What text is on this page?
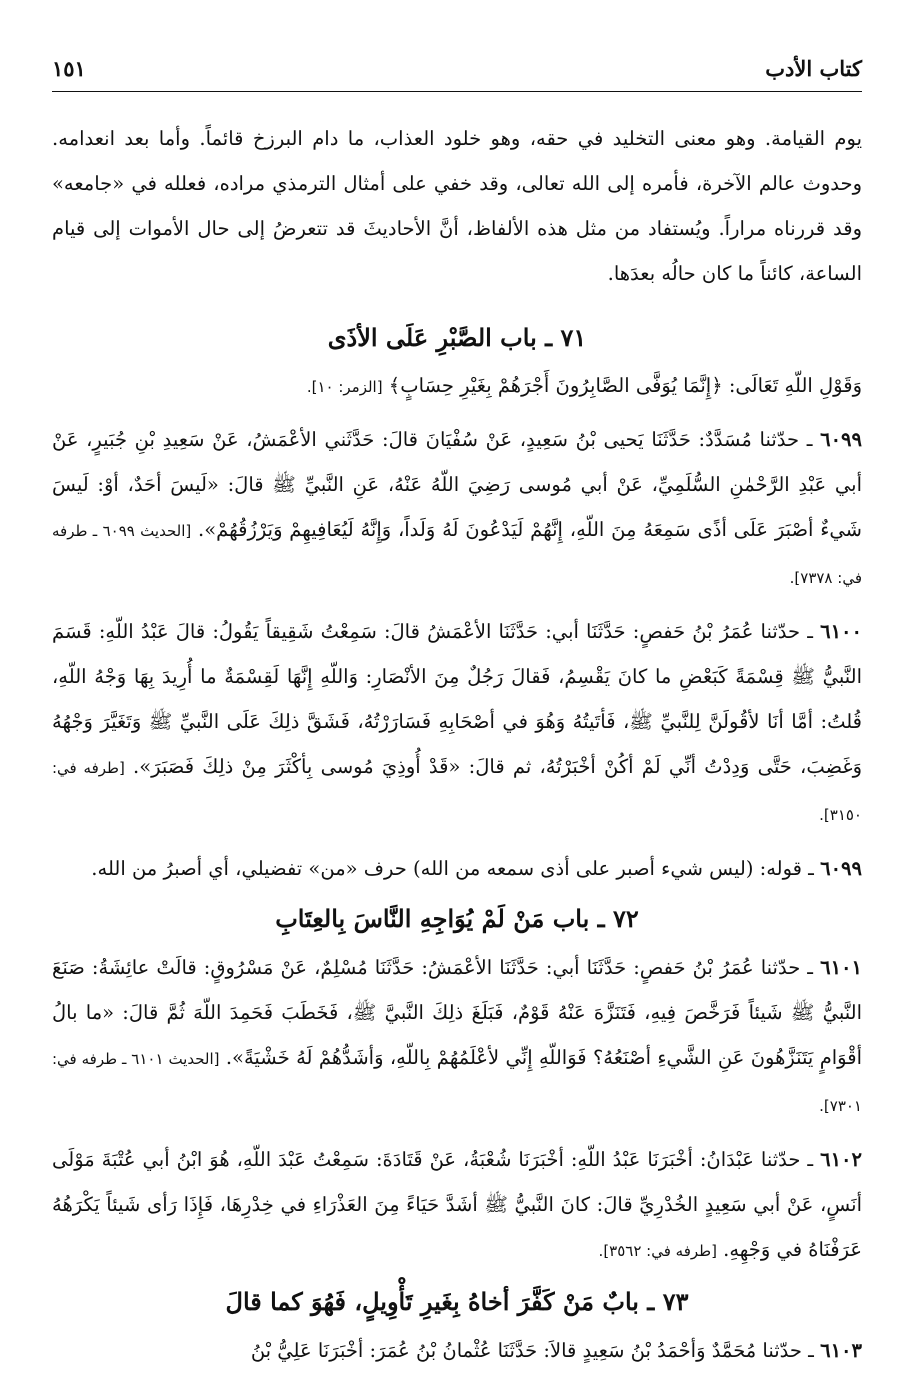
كتاب الأدب
١٥١

يوم القيامة. وهو معنى التخليد في حقه، وهو خلود العذاب، ما دام البرزخ قائماً. وأما بعد انعدامه. وحدوث عالم الآخرة، فأمره إلى الله تعالى، وقد خفي على أمثال الترمذي مراده، فعلله في «جامعه» وقد قررناه مراراً. ويُستفاد من مثل هذه الألفاظ، أنَّ الأحاديثَ قد تتعرضُ إلى حال الأموات إلى قيام الساعة، كائناً ما كان حالُه بعدَها.

٧١ ـ باب الصَّبْرِ عَلَى الأذَى

وَقَوْلِ اللّهِ تَعَالَى: ﴿إِنَّمَا يُوَفَّى الصَّابِرُونَ أَجْرَهُمْ بِغَيْرِ حِسَابٍ﴾ [الزمر: ١٠].

٦٠٩٩ ـ حدّثنا مُسَدَّدٌ: حَدَّثَنَا يَحيى بْنُ سَعِيدٍ، عَنْ سُفْيَانَ قالَ: حَدَّثَني الأعْمَشُ، عَنْ سَعِيدِ بْنِ جُبَيرٍ، عَنْ أبي عَبْدِ الرَّحْمٰنِ السُّلَمِيِّ، عَنْ أبي مُوسى رَضِيَ اللّهُ عَنْهُ، عَنِ النَّبيِّ ﷺ قالَ: «لَيسَ أحَدٌ، أوْ: لَيسَ شَيءٌ أصْبَرَ عَلَى أذًى سَمِعَهُ مِنَ اللّهِ، إِنَّهُمْ لَيَدْعُونَ لَهُ وَلَداً، وَإِنَّهُ لَيُعَافِيهِمْ وَيَرْزُقُهُمْ». [الحديث ٦٠٩٩ ـ طرفه في: ٧٣٧٨].

٦١٠٠ ـ حدّثنا عُمَرُ بْنُ حَفصٍ: حَدَّثَنَا أبي: حَدَّثَنَا الأعْمَشُ قالَ: سَمِعْتُ شَقِيقاً يَقُولُ: قالَ عَبْدُ اللّهِ: قَسَمَ النَّبيُّ ﷺ قِسْمَةً كَبَعْضِ ما كانَ يَقْسِمُ، فَقالَ رَجُلٌ مِنَ الأنْصَارِ: وَاللّهِ إِنَّهَا لَقِسْمَةٌ ما أُرِيدَ بِهَا وَجْهُ اللّهِ، قُلتُ: أمَّا أنَا لأقُولَنَّ لِلنَّبيِّ ﷺ، فَأتَيتُهُ وَهُوَ في أصْحَابِهِ فَسَارَرْتُهُ، فَشَقَّ ذلِكَ عَلَى النَّبيِّ ﷺ وَتَغَيَّرَ وَجْهُهُ وَغَضِبَ، حَتَّى وَدِدْتُ أنِّي لَمْ أكُنْ أخْبَرْتُهُ، ثم قالَ: «قَدْ أُوذِيَ مُوسى بِأكْثَرَ مِنْ ذلِكَ فَصَبَرَ». [طرفه في: ٣١٥٠].

٦٠٩٩ ـ قوله: (ليس شيء أصبر على أذى سمعه من الله) حرف «من» تفضيلي، أي أصبرُ من الله.

٧٢ ـ باب مَنْ لَمْ يُوَاجِهِ النَّاسَ بِالعِتَابِ

٦١٠١ ـ حدّثنا عُمَرُ بْنُ حَفصٍ: حَدَّثَنَا أبي: حَدَّثَنَا الأعْمَشُ: حَدَّثَنَا مُسْلِمٌ، عَنْ مَسْرُوقٍ: قالَتْ عائِشَةُ: صَنَعَ النَّبيُّ ﷺ شَيئاً فَرَخَّصَ فِيهِ، فَتَنَزَّهَ عَنْهُ قَوْمٌ، فَبَلَغَ ذلِكَ النَّبيَّ ﷺ، فَخَطَبَ فَحَمِدَ اللّهَ ثُمَّ قالَ: «ما بالُ أقْوَامٍ يَتَنَزَّهُونَ عَنِ الشَّيءِ أصْنَعُهُ؟ فَوَاللّهِ إِنِّي لأعْلَمُهُمْ بِاللّهِ، وَأشَدُّهُمْ لَهُ خَشْيَةً». [الحديث ٦١٠١ ـ طرفه في: ٧٣٠١].

٦١٠٢ ـ حدّثنا عَبْدَانُ: أخْبَرَنَا عَبْدُ اللّهِ: أخْبَرَنَا شُعْبَةُ، عَنْ قَتَادَةَ: سَمِعْتُ عَبْدَ اللّهِ، هُوَ ابْنُ أبي عُتْبَةَ مَوْلَى أنَسٍ، عَنْ أبي سَعِيدٍ الخُدْرِيِّ قالَ: كانَ النَّبيُّ ﷺ أشَدَّ حَيَاءً مِنَ العَذْرَاءِ في خِدْرِهَا، فَإِذَا رَأى شَيئاً يَكْرَهُهُ عَرَفْنَاهُ في وَجْهِهِ. [طرفه في: ٣٥٦٢].

٧٣ ـ بابٌ مَنْ كَفَّرَ أخاهُ بِغَيرِ تَأْوِيلٍ، فَهُوَ كما قالَ

٦١٠٣ ـ حدّثنا مُحَمَّدٌ وَأحْمَدُ بْنُ سَعِيدٍ قالاَ: حَدَّثَنَا عُثْمانُ بْنُ عُمَرَ: أخْبَرَنَا عَلِيُّ بْنُ
